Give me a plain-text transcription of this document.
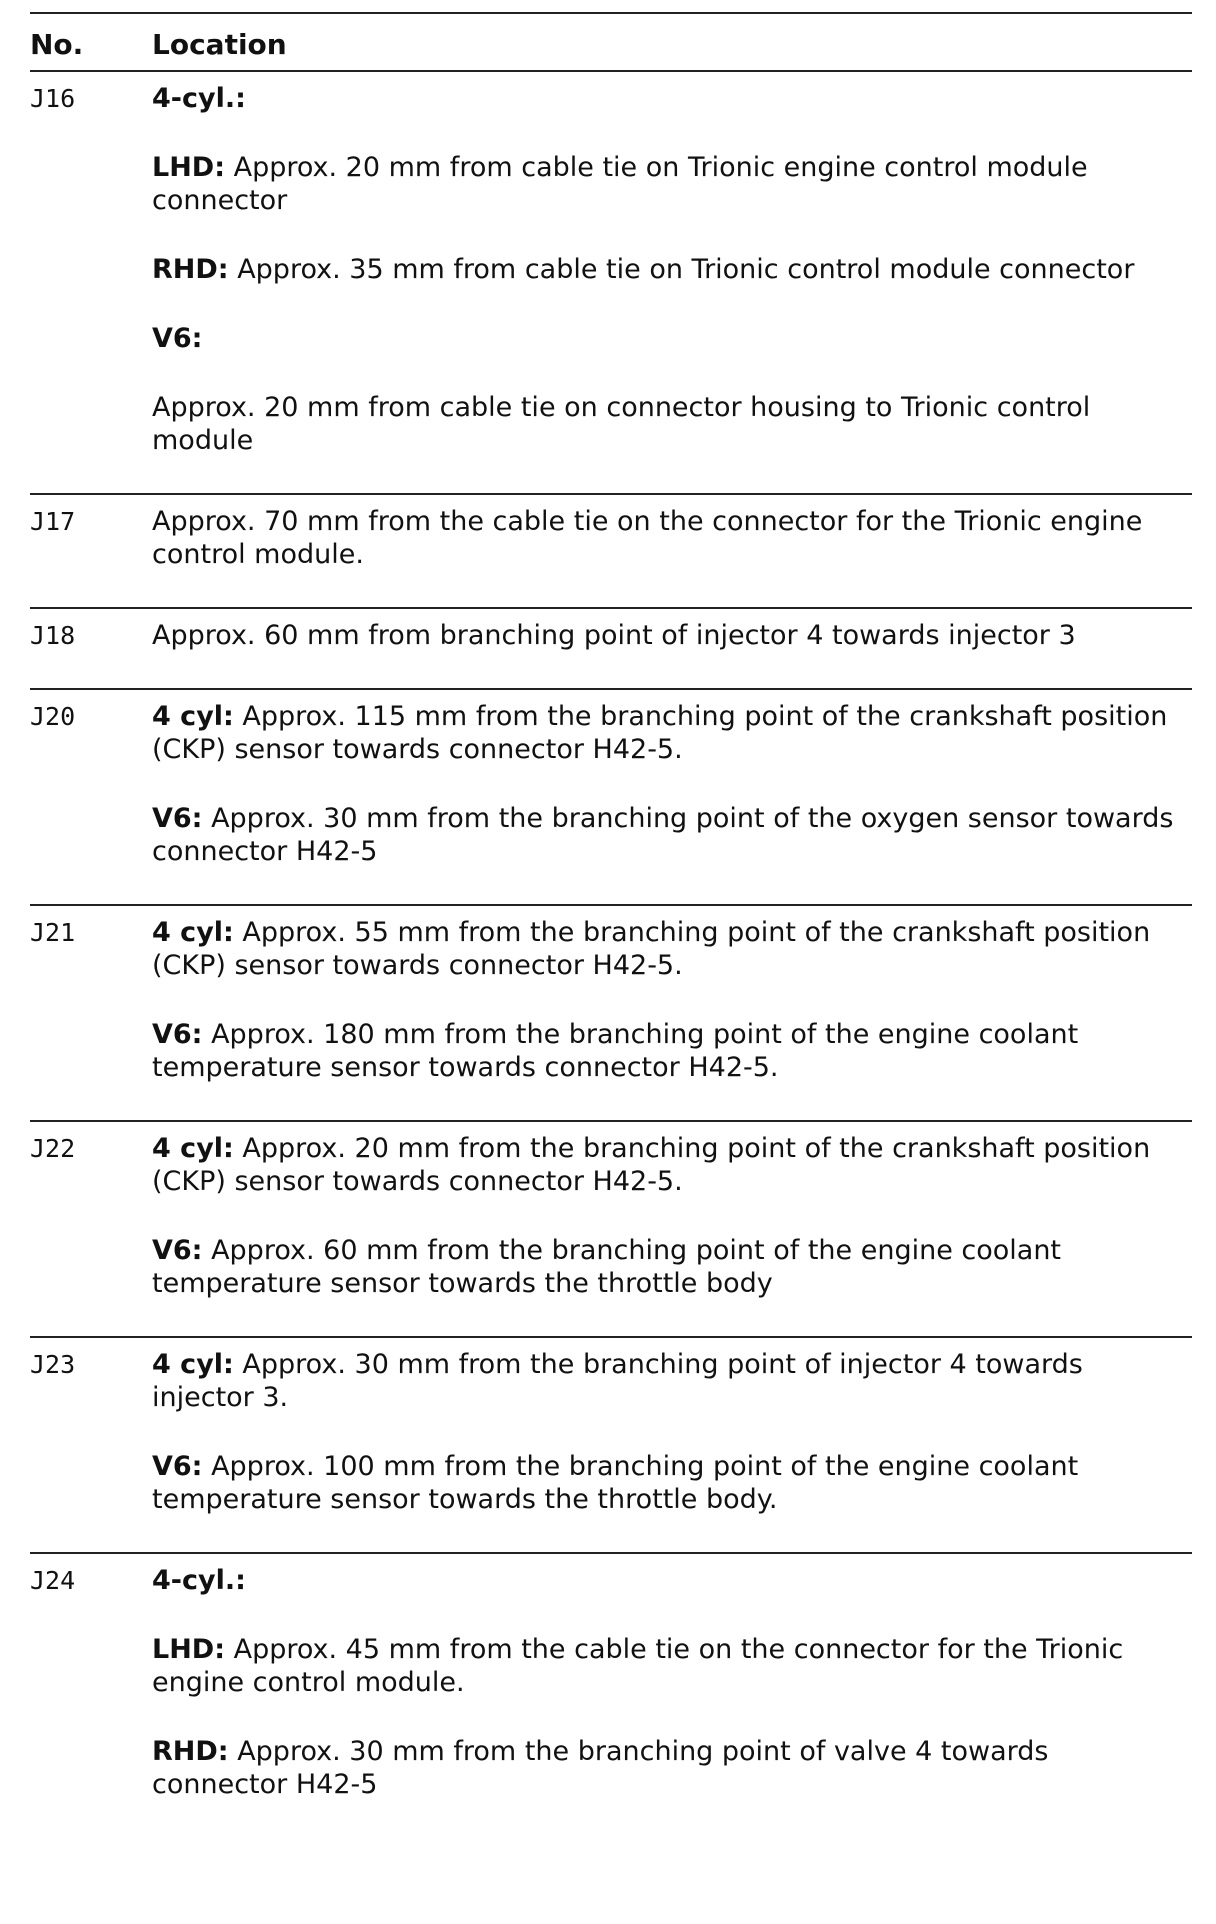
No.	Location
J16	4-cyl.:
LHD: Approx. 20 mm from cable tie on Trionic engine control module connector
RHD: Approx. 35 mm from cable tie on Trionic control module connector
V6:
Approx. 20 mm from cable tie on connector housing to Trionic control module
J17	Approx. 70 mm from the cable tie on the connector for the Trionic engine control module.
J18	Approx. 60 mm from branching point of injector 4 towards injector 3
J20	4 cyl: Approx. 115 mm from the branching point of the crankshaft position (CKP) sensor towards connector H42-5.
V6: Approx. 30 mm from the branching point of the oxygen sensor towards connector H42-5
J21	4 cyl: Approx. 55 mm from the branching point of the crankshaft position (CKP) sensor towards connector H42-5.
V6: Approx. 180 mm from the branching point of the engine coolant temperature sensor towards connector H42-5.
J22	4 cyl: Approx. 20 mm from the branching point of the crankshaft position (CKP) sensor towards connector H42-5.
V6: Approx. 60 mm from the branching point of the engine coolant temperature sensor towards the throttle body
J23	4 cyl: Approx. 30 mm from the branching point of injector 4 towards injector 3.
V6: Approx. 100 mm from the branching point of the engine coolant temperature sensor towards the throttle body.
J24	4-cyl.:
LHD: Approx. 45 mm from the cable tie on the connector for the Trionic engine control module.
RHD: Approx. 30 mm from the branching point of valve 4 towards connector H42-5
